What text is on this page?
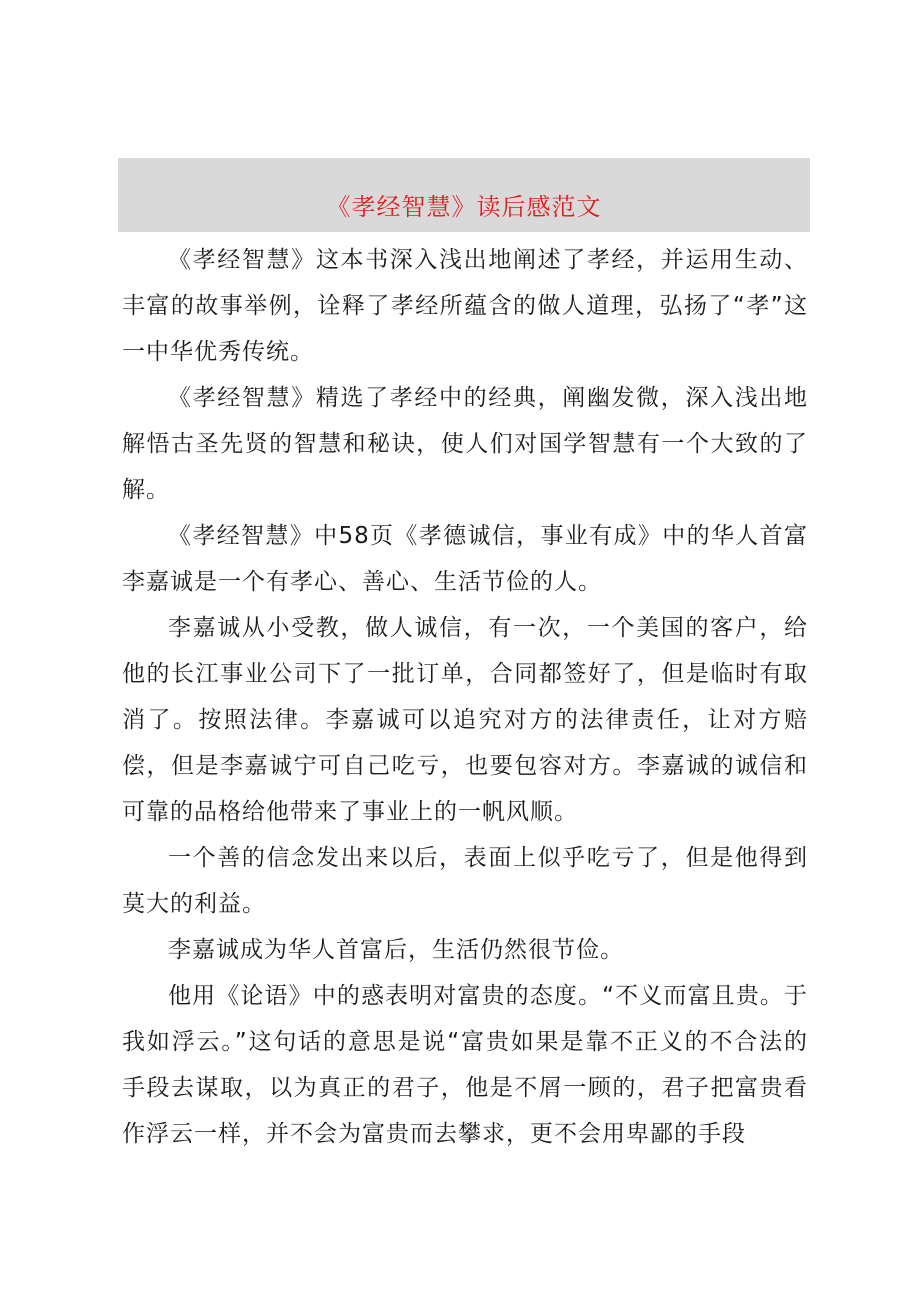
《孝经智慧》读后感范文

《孝经智慧》这本书深入浅出地阐述了孝经，并运用生动、丰富的故事举例，诠释了孝经所蕴含的做人道理，弘扬了“孝”这一中华优秀传统。

《孝经智慧》精选了孝经中的经典，阐幽发微，深入浅出地解悟古圣先贤的智慧和秘诀，使人们对国学智慧有一个大致的了解。

《孝经智慧》中58页《孝德诚信，事业有成》中的华人首富李嘉诚是一个有孝心、善心、生活节俭的人。

李嘉诚从小受教，做人诚信，有一次，一个美国的客户，给他的长江事业公司下了一批订单，合同都签好了，但是临时有取消了。按照法律。李嘉诚可以追究对方的法律责任，让对方赔偿，但是李嘉诚宁可自己吃亏，也要包容对方。李嘉诚的诚信和可靠的品格给他带来了事业上的一帆风顺。

一个善的信念发出来以后，表面上似乎吃亏了，但是他得到莫大的利益。

李嘉诚成为华人首富后，生活仍然很节俭。

他用《论语》中的惑表明对富贵的态度。“不义而富且贵。于我如浮云。”这句话的意思是说“富贵如果是靠不正义的不合法的手段去谋取，以为真正的君子，他是不屑一顾的，君子把富贵看作浮云一样，并不会为富贵而去攀求，更不会用卑鄙的手段
